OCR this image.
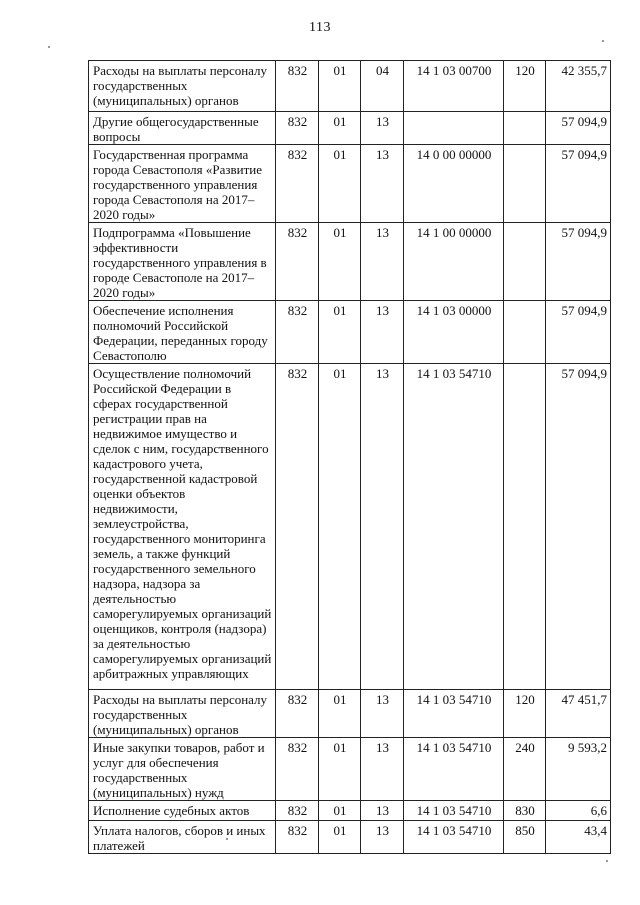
113
Расходы на выплаты персоналу государственных (муниципальных) органов	832	01	04	14 1 03 00700	120	42 355,7
Другие общегосударственные вопросы	832	01	13			57 094,9
Государственная программа города Севастополя «Развитие государственного управления города Севастополя на 2017–2020 годы»	832	01	13	14 0 00 00000		57 094,9
Подпрограмма «Повышение эффективности государственного управления в городе Севастополе на 2017–2020 годы»	832	01	13	14 1 00 00000		57 094,9
Обеспечение исполнения полномочий Российской Федерации, переданных городу Севастополю	832	01	13	14 1 03 00000		57 094,9
Осуществление полномочий Российской Федерации в сферах государственной регистрации прав на недвижимое имущество и сделок с ним, государственного кадастрового учета, государственной кадастровой оценки объектов недвижимости, землеустройства, государственного мониторинга земель, а также функций государственного земельного надзора, надзора за деятельностью саморегулируемых организаций оценщиков, контроля (надзора) за деятельностью саморегулируемых организаций арбитражных управляющих	832	01	13	14 1 03 54710		57 094,9
Расходы на выплаты персоналу государственных (муниципальных) органов	832	01	13	14 1 03 54710	120	47 451,7
Иные закупки товаров, работ и услуг для обеспечения государственных (муниципальных) нужд	832	01	13	14 1 03 54710	240	9 593,2
Исполнение судебных актов	832	01	13	14 1 03 54710	830	6,6
Уплата налогов, сборов и иных платежей	832	01	13	14 1 03 54710	850	43,4
